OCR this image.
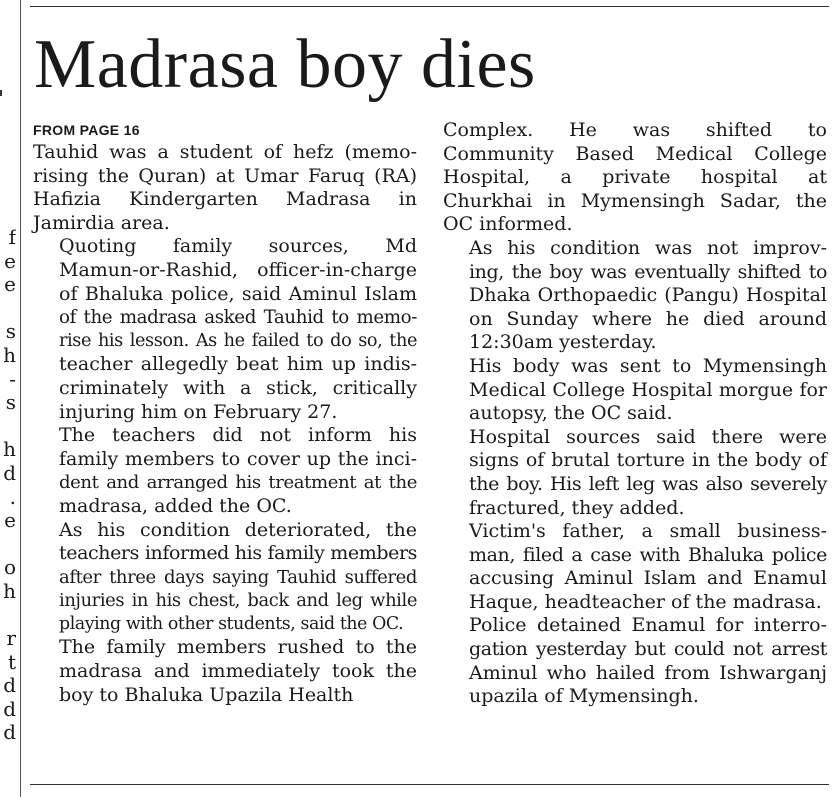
f
e
e
s
h
-
s
h
d
.
e
o
h
r
t
d
d
d
Madrasa boy dies
FROM PAGE 16

Tauhid was a student of hefz (memo-
rising the Quran) at Umar Faruq (RA)
Hafizia Kindergarten Madrasa in
Jamirdia area.

Quoting family sources, Md
Mamun-or-Rashid, officer-in-charge
of Bhaluka police, said Aminul Islam
of the madrasa asked Tauhid to memo-
rise his lesson. As he failed to do so, the
teacher allegedly beat him up indis-
criminately with a stick, critically
injuring him on February 27.

The teachers did not inform his
family members to cover up the inci-
dent and arranged his treatment at the
madrasa, added the OC.

As his condition deteriorated, the
teachers informed his family members
after three days saying Tauhid suffered
injuries in his chest, back and leg while
playing with other students, said the OC.

The family members rushed to the
madrasa and immediately took the
boy to Bhaluka Upazila Health

Complex. He was shifted to
Community Based Medical College
Hospital, a private hospital at
Churkhai in Mymensingh Sadar, the
OC informed.

As his condition was not improv-
ing, the boy was eventually shifted to
Dhaka Orthopaedic (Pangu) Hospital
on Sunday where he died around
12:30am yesterday.

His body was sent to Mymensingh
Medical College Hospital morgue for
autopsy, the OC said.

Hospital sources said there were
signs of brutal torture in the body of
the boy. His left leg was also severely
fractured, they added.

Victim's father, a small business-
man, filed a case with Bhaluka police
accusing Aminul Islam and Enamul
Haque, headteacher of the madrasa.

Police detained Enamul for interro-
gation yesterday but could not arrest
Aminul who hailed from Ishwarganj
upazila of Mymensingh.
